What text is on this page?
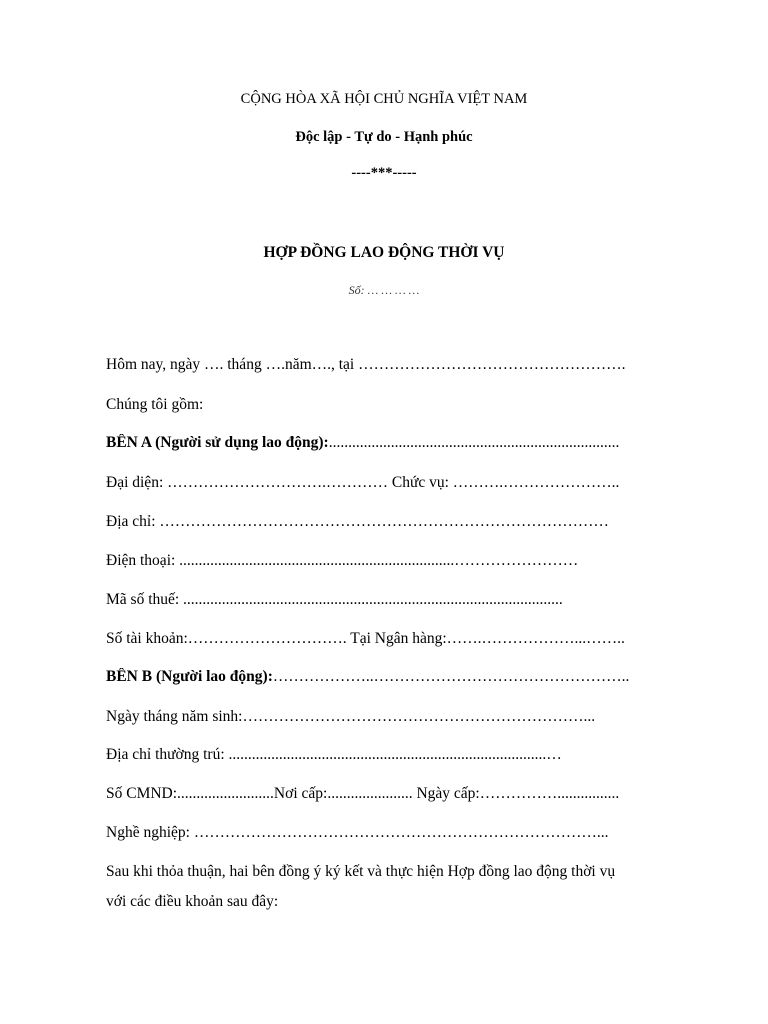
CỘNG HÒA XÃ HỘI CHỦ NGHĨA VIỆT NAM
Độc lập - Tự do - Hạnh phúc
----***-----
HỢP ĐỒNG LAO ĐỘNG THỜI VỤ
Số: … … … …
Hôm nay, ngày …. tháng ….năm…., tại …………………………………………….
Chúng tôi gồm:
BÊN A (Người sử dụng lao động):...........................................................................
Đại diện: ………………………….………… Chức vụ: ……….…………………..
Địa chỉ: ……………………………………………………………………………
Điện thoại: .......................................................................……………………
Mã số thuế: ..................................................................................................
Số tài khoản:…………………………. Tại Ngân hàng:…….………………...……..
BÊN B (Người lao động):………………..…………………………………………..
Ngày tháng năm sinh:…………………………………………………………...
Địa chỉ thường trú: ..................................................................................…
Số CMND:.........................Nơi cấp:...................... Ngày cấp:……………................
Nghề nghiệp: ……………………………………………………………………...
Sau khi thỏa thuận, hai bên đồng ý ký kết và thực hiện Hợp đồng lao động thời vụ
với các điều khoản sau đây:
